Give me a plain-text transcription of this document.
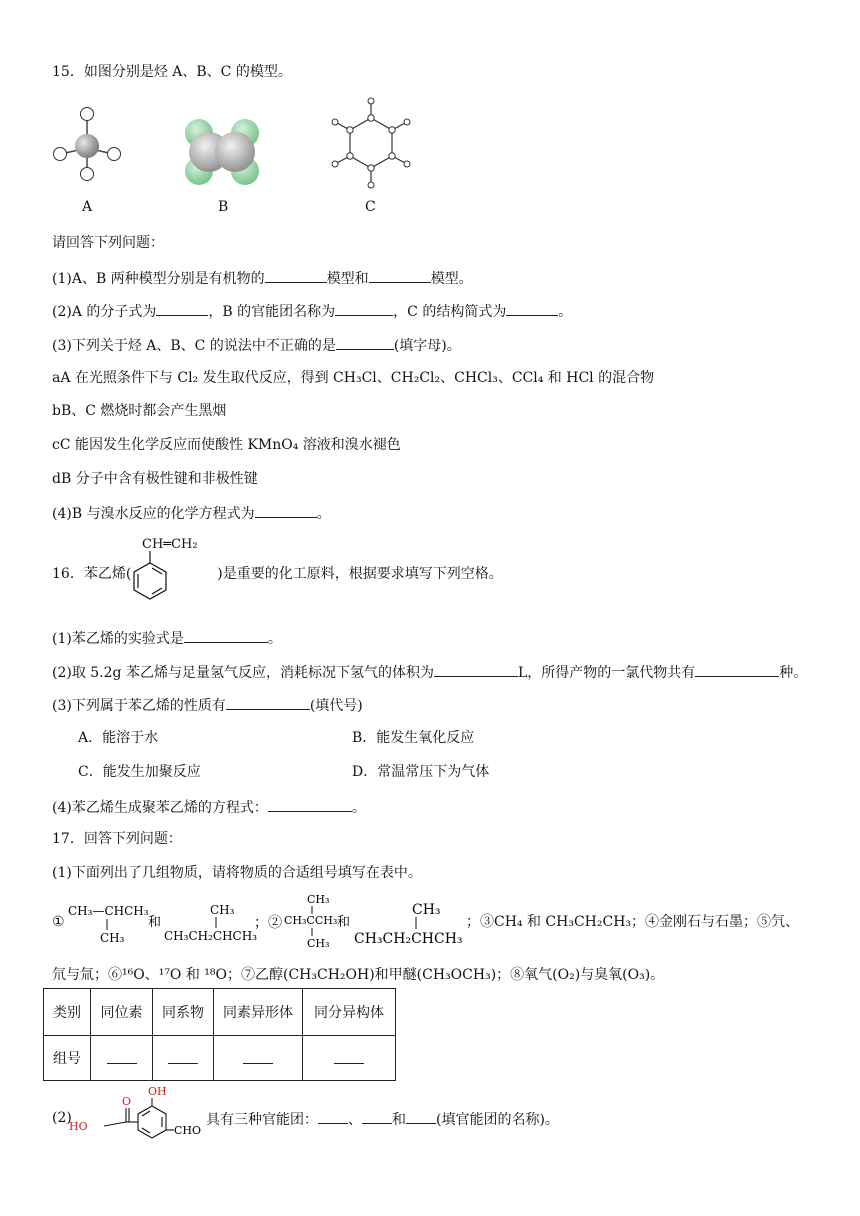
15．如图分别是烃 A、B、C 的模型。
A	B	C
请回答下列问题：
(1)A、B 两种模型分别是有机物的	模型和	模型。
(2)A 的分子式为	，B 的官能团名称为	，C 的结构简式为	。
(3)下列关于烃 A、B、C 的说法中不正确的是	(填字母)。
aA 在光照条件下与 Cl₂ 发生取代反应，得到 CH₃Cl、CH₂Cl₂、CHCl₃、CCl₄ 和 HCl 的混合物
bB、C 燃烧时都会产生黑烟
cC 能因发生化学反应而使酸性 KMnO₄ 溶液和溴水褪色
dB 分子中含有极性键和非极性键
(4)B 与溴水反应的化学方程式为	。
CH═CH₂
16．苯乙烯(	)是重要的化工原料，根据要求填写下列空格。
(1)苯乙烯的实验式是	。
(2)取 5.2g 苯乙烯与足量氢气反应，消耗标况下氢气的体积为	L，所得产物的一氯代物共有	种。
(3)下列属于苯乙烯的性质有	(填代号)
A．能溶于水	B．能发生氧化反应
C．能发生加聚反应	D．常温常压下为气体
(4)苯乙烯生成聚苯乙烯的方程式：	。
17．回答下列问题：
(1)下面列出了几组物质，请将物质的合适组号填写在表中。
①
CH₃—CHCH₃
CH₃
和
CH₃
CH₃CH₂CHCH₃
；②
CH₃
CH₃CCH₃
CH₃
和
CH₃
CH₃CH₂CHCH₃
；③CH₄ 和 CH₃CH₂CH₃；④金刚石与石墨；⑤氕、
氘与氚；⑥¹⁶O、¹⁷O 和 ¹⁸O；⑦乙醇(CH₃CH₂OH)和甲醚(CH₃OCH₃)；⑧氧气(O₂)与臭氧(O₃)。
类别	同位素	同系物	同素异形体	同分异构体
组号				
(2)
OH
O
HO	CHO
具有三种官能团： 、 和 (填官能团的名称)。
